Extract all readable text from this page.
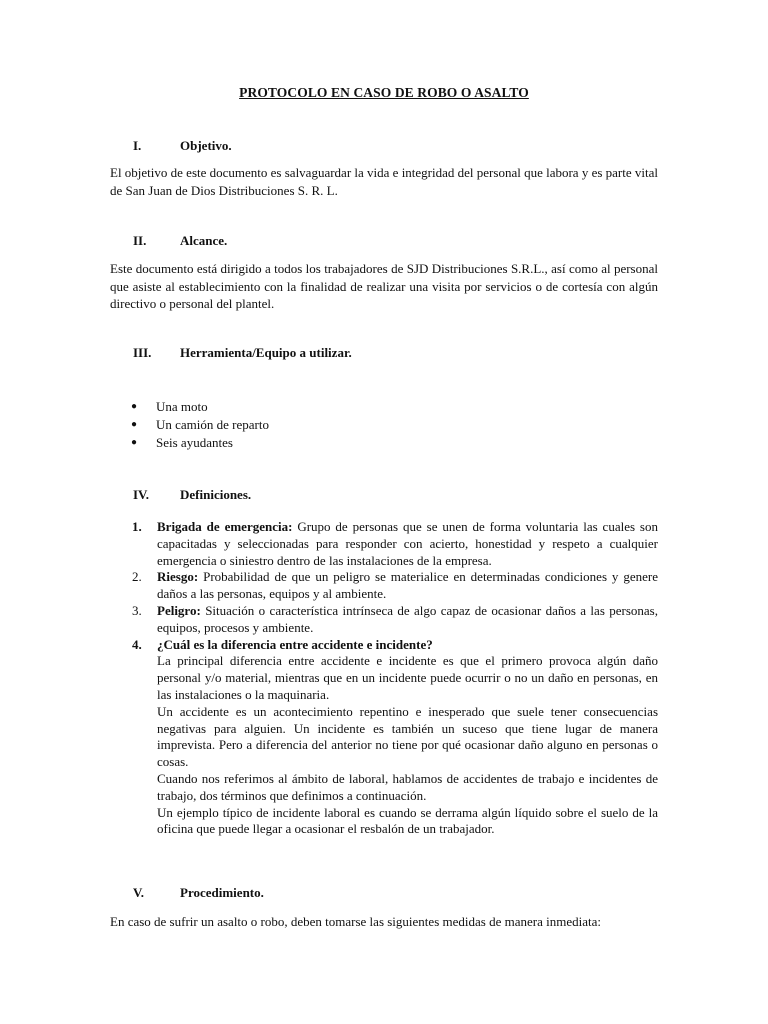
PROTOCOLO EN CASO DE ROBO O ASALTO
I.	Objetivo.

El objetivo de este documento es salvaguardar la vida e integridad del personal que labora y es parte vital de San Juan de Dios Distribuciones S. R. L.

II.	Alcance.

Este documento está dirigido a todos los trabajadores de SJD Distribuciones S.R.L., así como al personal que asiste al establecimiento con la finalidad de realizar una visita por servicios o de cortesía con algún directivo o personal del plantel.

III.	Herramienta/Equipo a utilizar.
●	Una moto
●	Un camión de reparto
●	Seis ayudantes
IV.	Definiciones.
1.	Brigada de emergencia: Grupo de personas que se unen de forma voluntaria las cuales son capacitadas y seleccionadas para responder con acierto, honestidad y respeto a cualquier emergencia o siniestro dentro de las instalaciones de la empresa.
2.	Riesgo: Probabilidad de que un peligro se materialice en determinadas condiciones y genere daños a las personas, equipos y al ambiente.
3.	Peligro: Situación o característica intrínseca de algo capaz de ocasionar daños a las personas, equipos, procesos y ambiente.
4.	¿Cuál es la diferencia entre accidente e incidente?

La principal diferencia entre accidente e incidente es que el primero provoca algún daño personal y/o material, mientras que en un incidente puede ocurrir o no un daño en personas, en las instalaciones o la maquinaria.

Un accidente es un acontecimiento repentino e inesperado que suele tener consecuencias negativas para alguien. Un incidente es también un suceso que tiene lugar de manera imprevista. Pero a diferencia del anterior no tiene por qué ocasionar daño alguno en personas o cosas.

Cuando nos referimos al ámbito de laboral, hablamos de accidentes de trabajo e incidentes de trabajo, dos términos que definimos a continuación.

Un ejemplo típico de incidente laboral es cuando se derrama algún líquido sobre el suelo de la oficina que puede llegar a ocasionar el resbalón de un trabajador.

V.	Procedimiento.

En caso de sufrir un asalto o robo, deben tomarse las siguientes medidas de manera inmediata:
